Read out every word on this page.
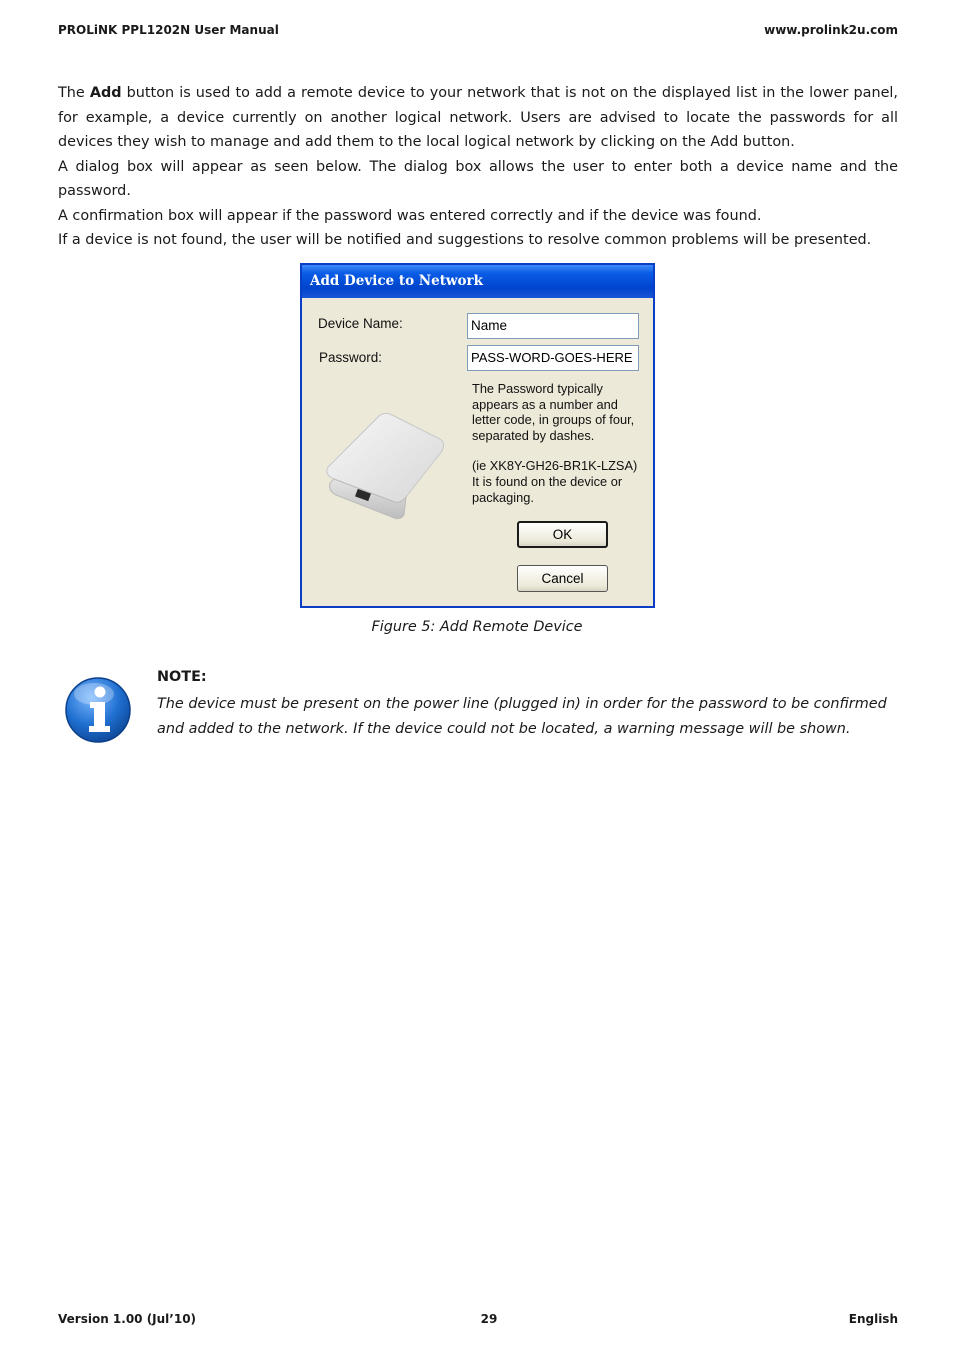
PROLiNK PPL1202N User Manual	www.prolink2u.com

The Add button is used to add a remote device to your network that is not on the displayed list in the lower panel, for example, a device currently on another logical network. Users are advised to locate the passwords for all devices they wish to manage and add them to the local logical network by clicking on the Add button.

A dialog box will appear as seen below. The dialog box allows the user to enter both a device name and the password.

A confirmation box will appear if the password was entered correctly and if the device was found.

If a device is not found, the user will be notified and suggestions to resolve common problems will be presented.

Add Device to Network
Device Name:	Name
Password:	PASS-WORD-GOES-HERE

The Password typically

appears as a number and

letter code, in groups of four,

separated by dashes.

(ie XK8Y-GH26-BR1K-LZSA)

It is found on the device or

packaging.

OK
Cancel
Figure 5: Add Remote Device
NOTE:

The device must be present on the power line (plugged in) in order for the password to be confirmed and added to the network. If the device could not be located, a warning message will be shown.

Version 1.00 (Jul’10)	29	English
